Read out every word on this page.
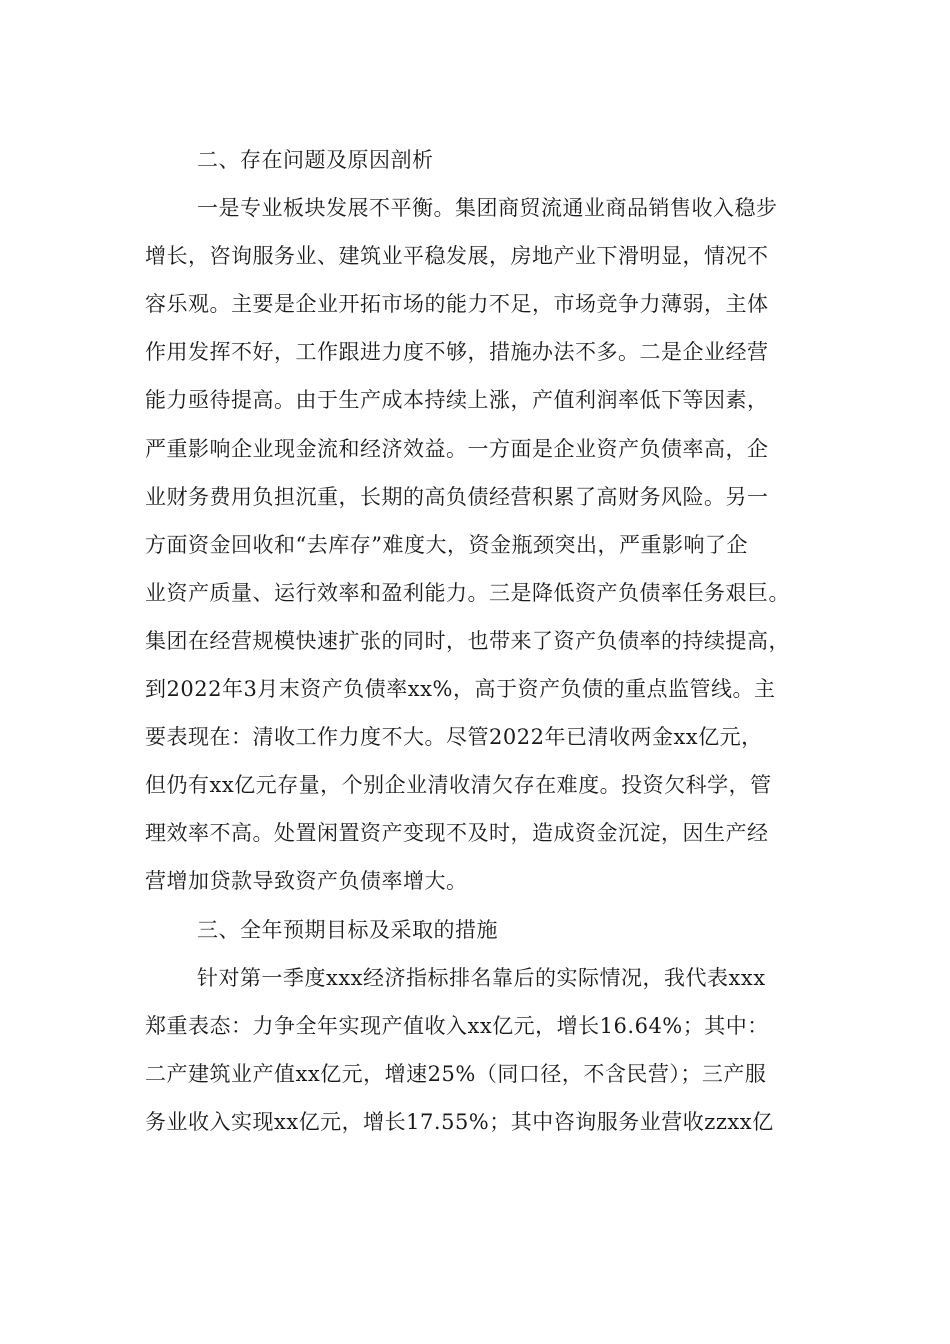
二、存在问题及原因剖析
一是专业板块发展不平衡。集团商贸流通业商品销售收入稳步
增长，咨询服务业、建筑业平稳发展，房地产业下滑明显，情况不
容乐观。主要是企业开拓市场的能力不足，市场竞争力薄弱，主体
作用发挥不好，工作跟进力度不够，措施办法不多。二是企业经营
能力亟待提高。由于生产成本持续上涨，产值利润率低下等因素，
严重影响企业现金流和经济效益。一方面是企业资产负债率高，企
业财务费用负担沉重，长期的高负债经营积累了高财务风险。另一
方面资金回收和“去库存”难度大，资金瓶颈突出，严重影响了企
业资产质量、运行效率和盈利能力。三是降低资产负债率任务艰巨。
集团在经营规模快速扩张的同时，也带来了资产负债率的持续提高，
到2022年3月末资产负债率xx%，高于资产负债的重点监管线。主
要表现在：清收工作力度不大。尽管2022年已清收两金xx亿元，
但仍有xx亿元存量，个别企业清收清欠存在难度。投资欠科学，管
理效率不高。处置闲置资产变现不及时，造成资金沉淀，因生产经
营增加贷款导致资产负债率增大。
三、全年预期目标及采取的措施
针对第一季度xxx经济指标排名靠后的实际情况，我代表xxx
郑重表态：力争全年实现产值收入xx亿元，增长16.64%；其中：
二产建筑业产值xx亿元，增速25%（同口径，不含民营）；三产服
务业收入实现xx亿元，增长17.55%；其中咨询服务业营收zzxx亿
